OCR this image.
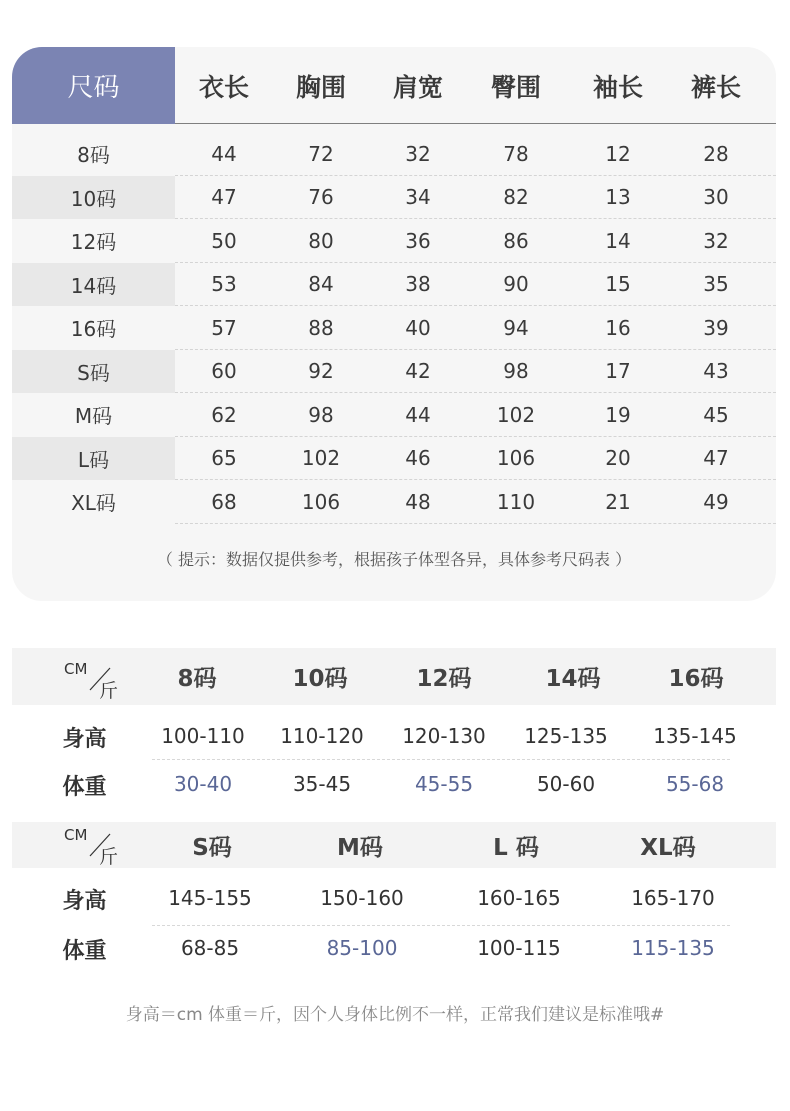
尺码	衣长	胸围	肩宽	臀围	袖长	裤长
8码	44	72	32	78	12	28
10码	47	76	34	82	13	30
12码	50	80	36	86	14	32
14码	53	84	38	90	15	35
16码	57	88	40	94	16	39
S码	60	92	42	98	17	43
M码	62	98	44	102	19	45
L码	65	102	46	106	20	47
XL码	68	106	48	110	21	49
（ 提示：数据仅提供参考，根据孩子体型各异，具体参考尺码表 ）
CM
斤	8码	10码	12码	14码	16码
身高	100-110	110-120	120-130	125-135	135-145
体重	30-40	35-45	45-55	50-60	55-68
CM
斤	S码	M码	L 码	XL码
身高	145-155	150-160	160-165	165-170
体重	68-85	85-100	100-115	115-135
身高＝cm 体重＝斤，因个人身体比例不一样，正常我们建议是标准哦#
